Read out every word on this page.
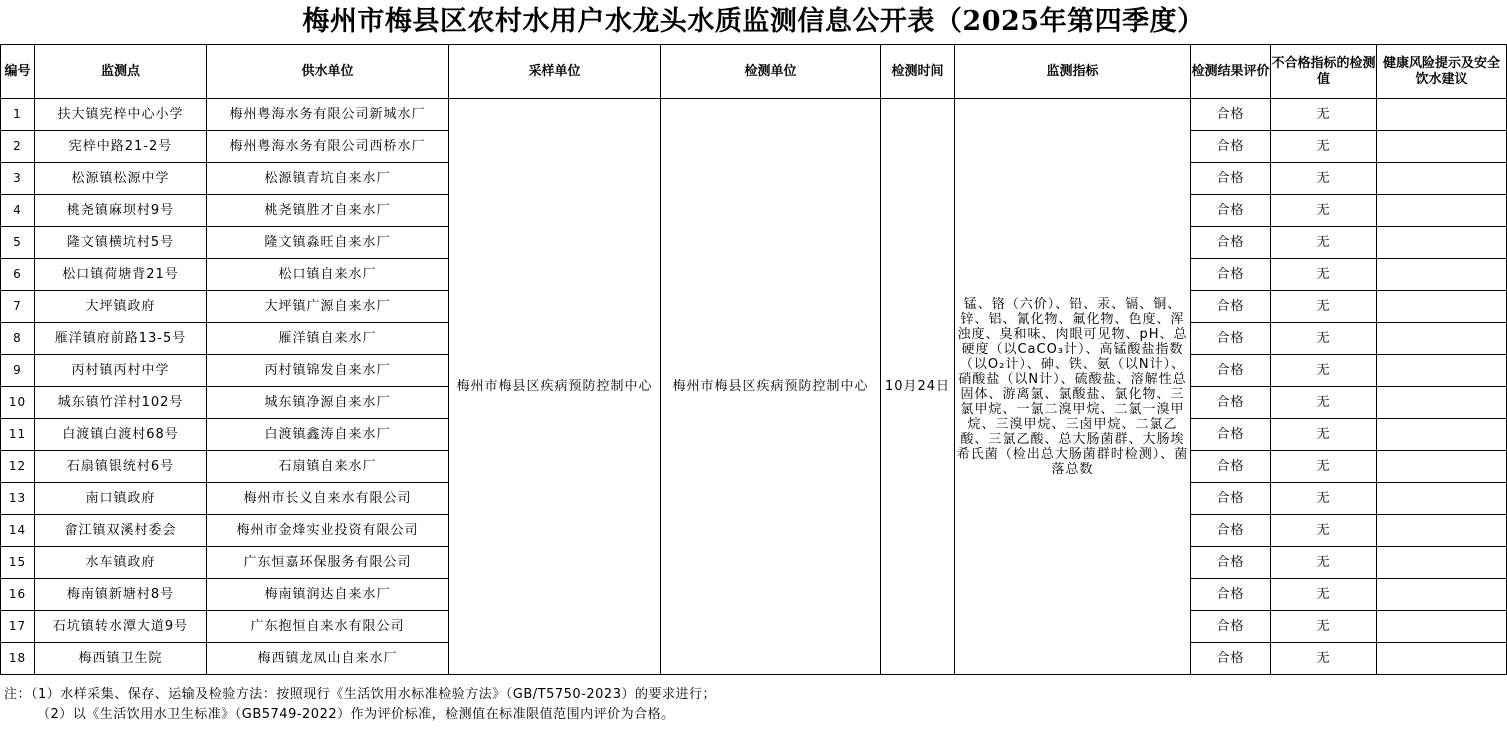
梅州市梅县区农村水用户水龙头水质监测信息公开表（2025年第四季度）
编号	监测点	供水单位	采样单位	检测单位	检测时间	监测指标	检测结果评价	不合格指标的检测值	健康风险提示及安全饮水建议
1	扶大镇宪梓中心小学	梅州粤海水务有限公司新城水厂	梅州市梅县区疾病预防控制中心	梅州市梅县区疾病预防控制中心	10月24日	锰、铬（六价）、铅、汞、镉、铜、锌、铝、氰化物、氟化物、色度、浑浊度、臭和味、肉眼可见物、pH、总硬度（以CaCO₃计）、高锰酸盐指数（以O₂计）、砷、铁、氨（以N计）、硝酸盐（以N计）、硫酸盐、溶解性总固体、游离氯、氯酸盐、氯化物、三氯甲烷、一氯二溴甲烷、二氯一溴甲烷、三溴甲烷、三卤甲烷、二氯乙酸、三氯乙酸、总大肠菌群、大肠埃希氏菌（检出总大肠菌群时检测）、菌落总数	合格	无	
2	宪梓中路21-2号	梅州粤海水务有限公司西桥水厂					合格	无	
3	松源镇松源中学	松源镇青坑自来水厂					合格	无	
4	桃尧镇麻坝村9号	桃尧镇胜才自来水厂					合格	无	
5	隆文镇横坑村5号	隆文镇淼旺自来水厂					合格	无	
6	松口镇荷塘背21号	松口镇自来水厂					合格	无	
7	大坪镇政府	大坪镇广源自来水厂					合格	无	
8	雁洋镇府前路13-5号	雁洋镇自来水厂					合格	无	
9	丙村镇丙村中学	丙村镇锦发自来水厂					合格	无	
10	城东镇竹洋村102号	城东镇净源自来水厂					合格	无	
11	白渡镇白渡村68号	白渡镇鑫涛自来水厂					合格	无	
12	石扇镇银统村6号	石扇镇自来水厂					合格	无	
13	南口镇政府	梅州市长义自来水有限公司					合格	无	
14	畲江镇双溪村委会	梅州市金烽实业投资有限公司					合格	无	
15	水车镇政府	广东恒嘉环保服务有限公司					合格	无	
16	梅南镇新塘村8号	梅南镇润达自来水厂					合格	无	
17	石坑镇转水潭大道9号	广东抱恒自来水有限公司					合格	无	
18	梅西镇卫生院	梅西镇龙凤山自来水厂					合格	无	
注：（1）水样采集、保存、运输及检验方法：按照现行《生活饮用水标准检验方法》（GB/T5750-2023）的要求进行；
（2）以《生活饮用水卫生标准》（GB5749-2022）作为评价标准，检测值在标准限值范围内评价为合格。
